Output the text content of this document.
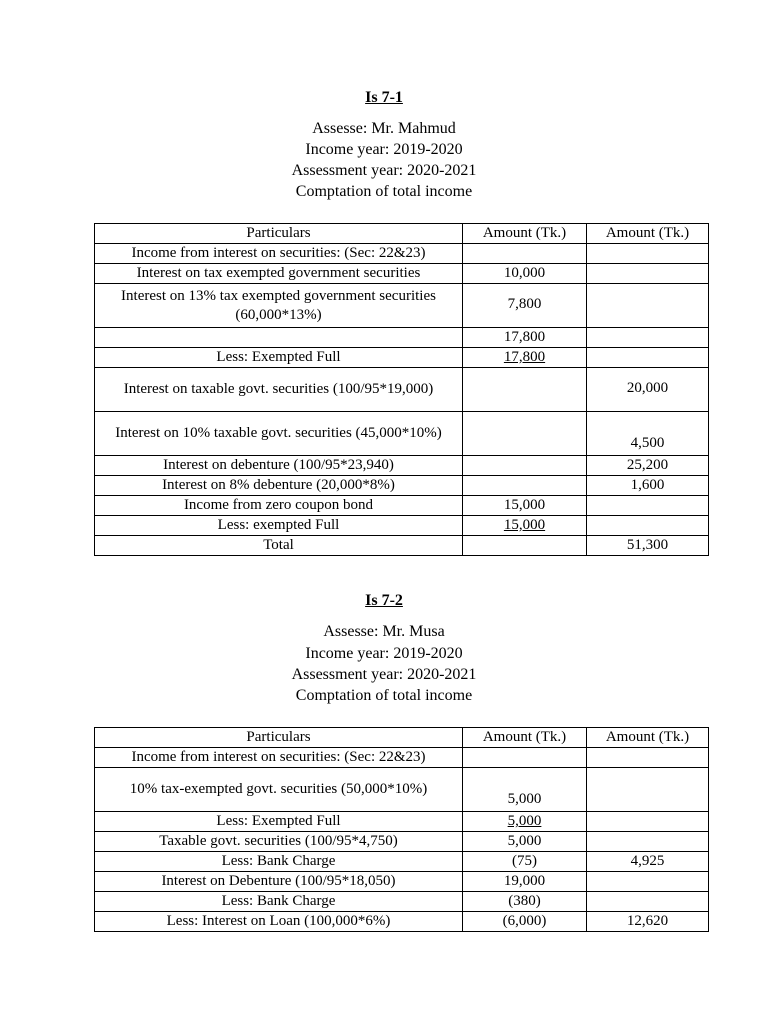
Is 7-1
Assesse: Mr. Mahmud
Income year: 2019-2020
Assessment year: 2020-2021
Comptation of total income
Particulars	Amount (Tk.)	Amount (Tk.)
Income from interest on securities: (Sec: 22&23)		
Interest on tax exempted government securities	10,000	
Interest on 13% tax exempted government securities (60,000*13%)	7,800	
	17,800	
Less: Exempted Full	17,800	
Interest on taxable govt. securities (100/95*19,000)		20,000
Interest on 10% taxable govt. securities (45,000*10%)		4,500
Interest on debenture (100/95*23,940)		25,200
Interest on 8% debenture (20,000*8%)		1,600
Income from zero coupon bond	15,000	
Less: exempted Full	15,000	
Total		51,300
Is 7-2
Assesse: Mr. Musa
Income year: 2019-2020
Assessment year: 2020-2021
Comptation of total income
Particulars	Amount (Tk.)	Amount (Tk.)
Income from interest on securities: (Sec: 22&23)		
10% tax-exempted govt. securities (50,000*10%)	5,000	
Less: Exempted Full	5,000	
Taxable govt. securities (100/95*4,750)	5,000	
Less: Bank Charge	(75)	4,925
Interest on Debenture (100/95*18,050)	19,000	
Less: Bank Charge	(380)	
Less: Interest on Loan (100,000*6%)	(6,000)	12,620
